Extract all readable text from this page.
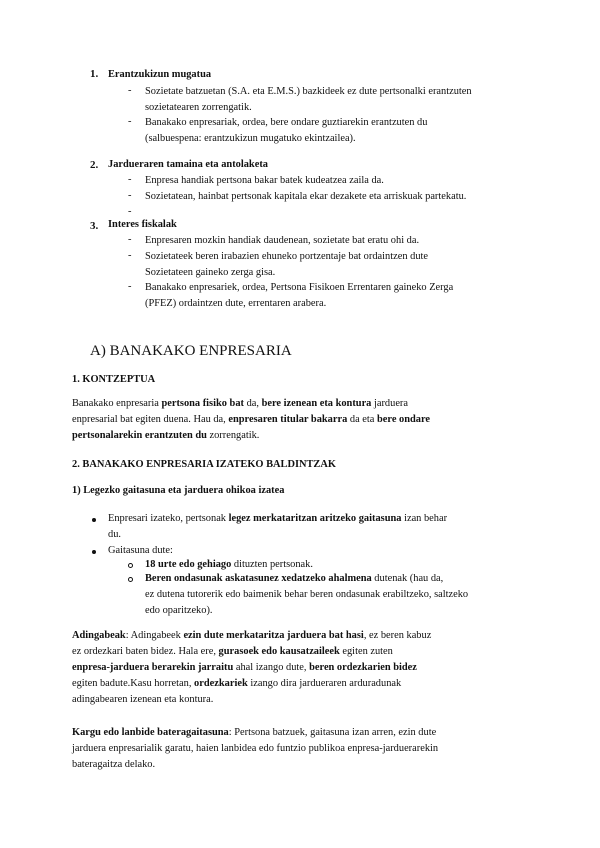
1. Erantzukizun mugatua
- Sozietate batzuetan (S.A. eta E.M.S.) bazkideek ez dute pertsonalki erantzuten
sozietatearen zorrengatik.
- Banakako enpresariak, ordea, bere ondare guztiarekin erantzuten du
(salbuespena: erantzukizun mugatuko ekintzailea).
2. Jardueraren tamaina eta antolaketa
- Enpresa handiak pertsona bakar batek kudeatzea zaila da.
- Sozietatean, hainbat pertsonak kapitala ekar dezakete eta arriskuak partekatu.
-
3. Interes fiskalak
- Enpresaren mozkin handiak daudenean, sozietate bat eratu ohi da.
- Sozietateek beren irabazien ehuneko portzentaje bat ordaintzen dute
Sozietateen gaineko zerga gisa.
- Banakako enpresariek, ordea, Pertsona Fisikoen Errentaren gaineko Zerga
(PFEZ) ordaintzen dute, errentaren arabera.
A) BANAKAKO ENPRESARIA
1. KONTZEPTUA
Banakako enpresaria pertsona fisiko bat da, bere izenean eta kontura jarduera
enpresarial bat egiten duena. Hau da, enpresaren titular bakarra da eta bere ondare
pertsonalarekin erantzuten du zorrengatik.
2. BANAKAKO ENPRESARIA IZATEKO BALDINTZAK
1) Legezko gaitasuna eta jarduera ohikoa izatea
Enpresari izateko, pertsonak legez merkataritzan aritzeko gaitasuna izan behar
du.
Gaitasuna dute:
18 urte edo gehiago dituzten pertsonak.
Beren ondasunak askatasunez xedatzeko ahalmena dutenak (hau da,
ez dutena tutorerik edo baimenik behar beren ondasunak erabiltzeko, saltzeko
edo oparitzeko).
Adingabeak: Adingabeek ezin dute merkataritza jarduera bat hasi, ez beren kabuz
ez ordezkari baten bidez. Hala ere, gurasoek edo kausatzaileek egiten zuten
enpresa-jarduera berarekin jarraitu ahal izango dute, beren ordezkarien bidez
egiten badute.Kasu horretan, ordezkariek izango dira jardueraren arduradunak
adingabearen izenean eta kontura.
Kargu edo lanbide bateragaitasuna: Pertsona batzuek, gaitasuna izan arren, ezin dute
jarduera enpresarialik garatu, haien lanbidea edo funtzio publikoa enpresa-jarduerarekin
bateragaitza delako.
